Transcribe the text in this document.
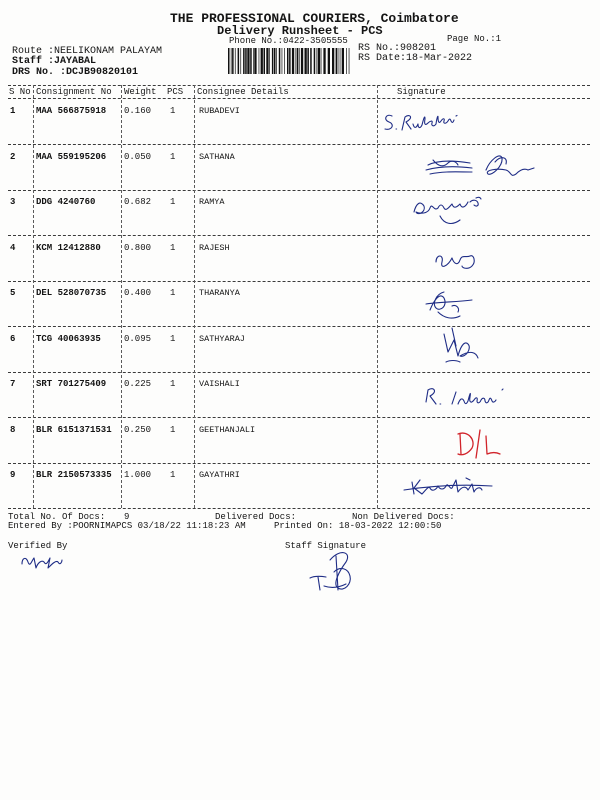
THE PROFESSIONAL COURIERS, Coimbatore
Delivery Runsheet - PCS
Phone No.:0422-3505555	Page No.:1
Route :NEELIKONAM PALAYAM
Staff :JAYABAL
DRS No. :DCJB90820101
RS No.:908201
RS Date:18-Mar-2022
S No Consignment No Weight PCS Consignee Details	Signature
1 MAA 566875918 0.160 1	RUBADEVI
2 MAA 559195206 0.050 1	SATHANA
3 DDG 4240760	0.682 1	RAMYA
4 KCM 12412880	0.800 1	RAJESH
5 DEL 528070735 0.400 1	THARANYA
6 TCG 40063935	0.095 1	SATHYARAJ
7 SRT 701275409 0.225 1	VAISHALI
8 BLR 6151371531 0.250 1	GEETHANJALI
9 BLR 2150573335 1.000 1	GAYATHRI
Total No. Of Docs: 9	Delivered Docs:	Non Delivered Docs:
Entered By :POORNIMAPCS 03/18/22 11:18:23 AM	Printed On: 18-03-2022 12:00:50
Verified By	Staff Signature
